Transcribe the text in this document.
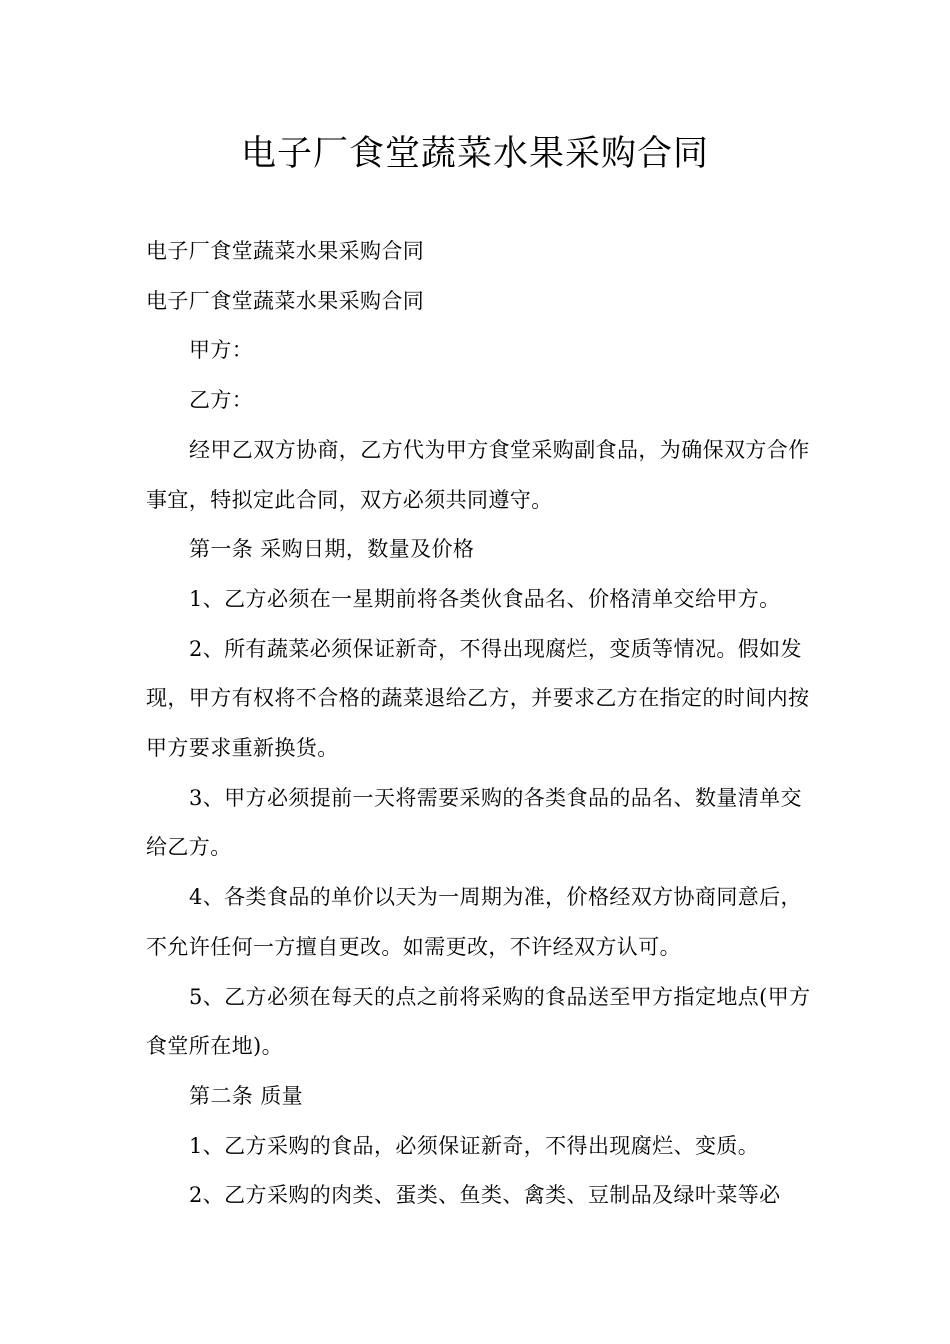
电子厂食堂蔬菜水果采购合同

电子厂食堂蔬菜水果采购合同

电子厂食堂蔬菜水果采购合同

甲方：

乙方：

经甲乙双方协商，乙方代为甲方食堂采购副食品，为确保双方合作事宜，特拟定此合同，双方必须共同遵守。

第一条 采购日期，数量及价格

1、乙方必须在一星期前将各类伙食品名、价格清单交给甲方。

2、所有蔬菜必须保证新奇，不得出现腐烂，变质等情况。假如发现，甲方有权将不合格的蔬菜退给乙方，并要求乙方在指定的时间内按甲方要求重新换货。

3、甲方必须提前一天将需要采购的各类食品的品名、数量清单交给乙方。

4、各类食品的单价以天为一周期为准，价格经双方协商同意后，不允许任何一方擅自更改。如需更改，不许经双方认可。

5、乙方必须在每天的点之前将采购的食品送至甲方指定地点(甲方食堂所在地)。

第二条 质量

1、乙方采购的食品，必须保证新奇，不得出现腐烂、变质。

2、乙方采购的肉类、蛋类、鱼类、禽类、豆制品及绿叶菜等必
